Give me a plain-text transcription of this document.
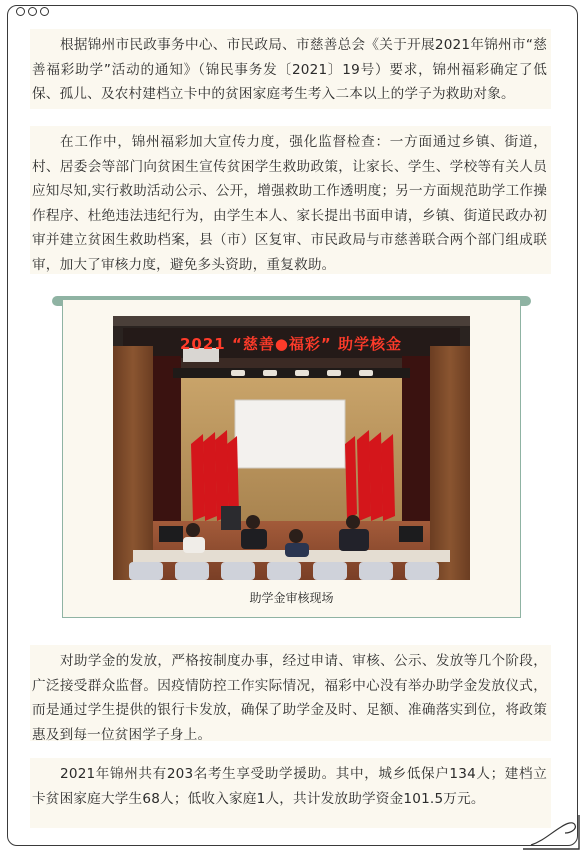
根据锦州市民政事务中心、市民政局、市慈善总会《关于开展2021年锦州市“慈善福彩助学”活动的通知》（锦民事务发〔2021〕19号）要求，锦州福彩确定了低保、孤儿、及农村建档立卡中的贫困家庭考生考入二本以上的学子为救助对象。

在工作中，锦州福彩加大宣传力度，强化监督检查：一方面通过乡镇、街道，村、居委会等部门向贫困生宣传贫困学生救助政策，让家长、学生、学校等有关人员应知尽知,实行救助活动公示、公开，增强救助工作透明度；另一方面规范助学工作操作程序、杜绝违法违纪行为，由学生本人、家长提出书面申请，乡镇、街道民政办初审并建立贫困生救助档案，县（市）区复审、市民政局与市慈善联合两个部门组成联审，加大了审核力度，避免多头资助，重复救助。

2021 “慈善●福彩” 助学核金
助学金审核现场

对助学金的发放，严格按制度办事，经过申请、审核、公示、发放等几个阶段，广泛接受群众监督。因疫情防控工作实际情况，福彩中心没有举办助学金发放仪式，而是通过学生提供的银行卡发放，确保了助学金及时、足额、准确落实到位，将政策惠及到每一位贫困学子身上。

2021年锦州共有203名考生享受助学援助。其中，城乡低保户134人；建档立卡贫困家庭大学生68人；低收入家庭1人，共计发放助学资金101.5万元。
